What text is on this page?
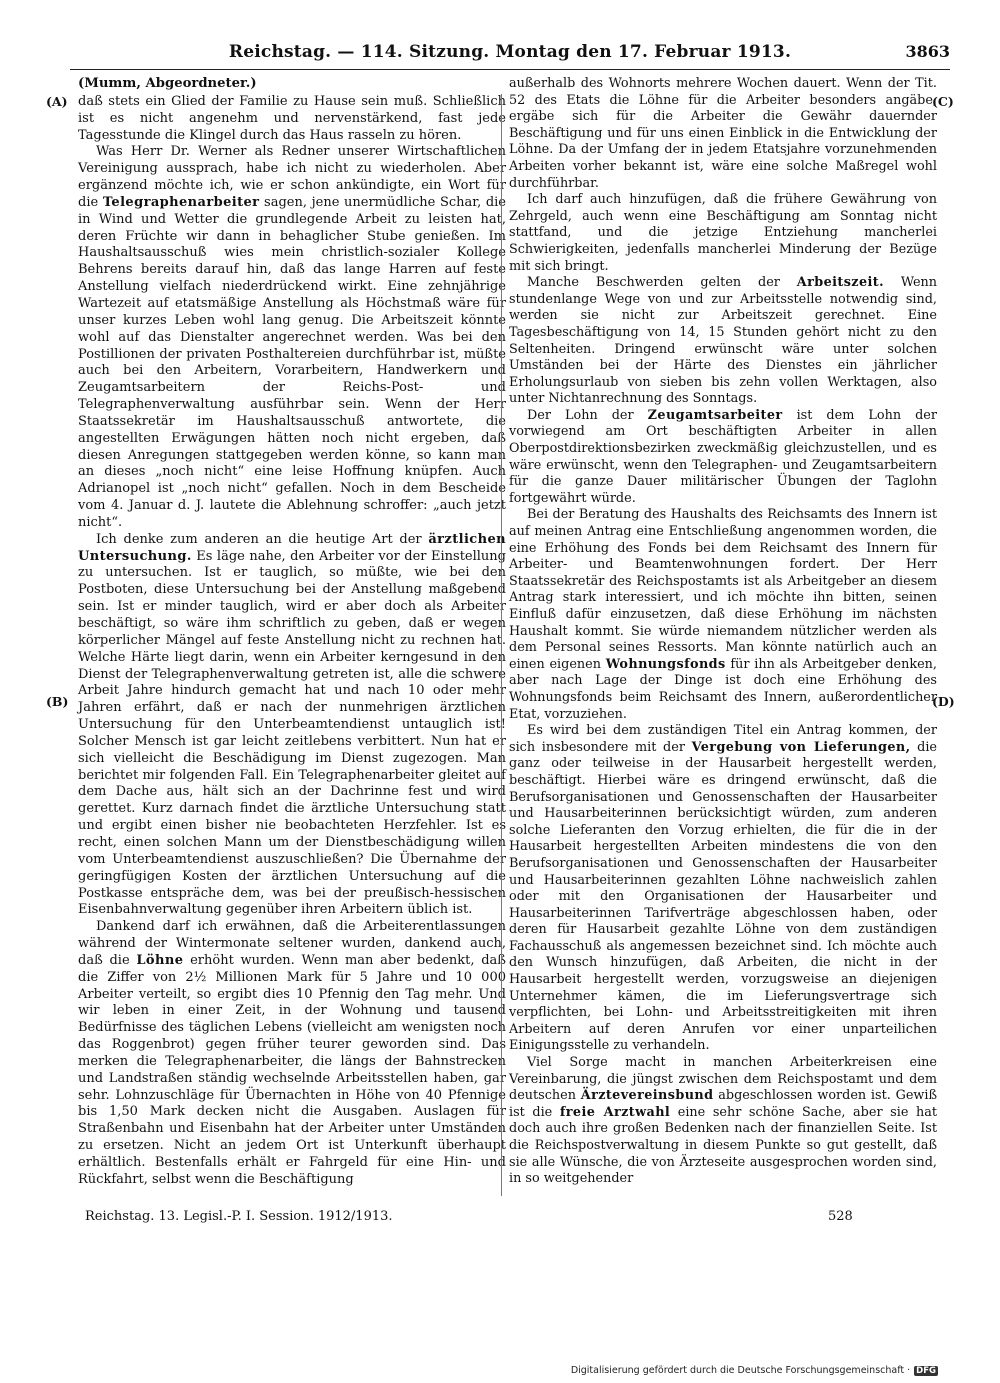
Reichstag. — 114. Sitzung. Montag den 17. Februar 1913.	3863
(A)
(B)
(C)
(D)
(Mumm, Abgeordneter.)

daß stets ein Glied der Familie zu Hause sein muß. Schließlich ist es nicht angenehm und nervenstärkend, fast jede Tagesstunde die Klingel durch das Haus rasseln zu hören.

Was Herr Dr. Werner als Redner unserer Wirtschaftlichen Vereinigung aussprach, habe ich nicht zu wiederholen. Aber ergänzend möchte ich, wie er schon ankündigte, ein Wort für die Telegraphenarbeiter sagen, jene unermüdliche Schar, die in Wind und Wetter die grundlegende Arbeit zu leisten hat, deren Früchte wir dann in behaglicher Stube genießen. Im Haushaltsausschuß wies mein christlich-sozialer Kollege Behrens bereits darauf hin, daß das lange Harren auf feste Anstellung vielfach niederdrückend wirkt. Eine zehnjährige Wartezeit auf etatsmäßige Anstellung als Höchstmaß wäre für unser kurzes Leben wohl lang genug. Die Arbeitszeit könnte wohl auf das Dienstalter angerechnet werden. Was bei den Postillionen der privaten Posthaltereien durchführbar ist, müßte auch bei den Arbeitern, Vorarbeitern, Handwerkern und Zeugamtsarbeitern der Reichs-Post- und Telegraphenverwaltung ausführbar sein. Wenn der Herr Staatssekretär im Haushaltsausschuß antwortete, die angestellten Erwägungen hätten noch nicht ergeben, daß diesen Anregungen stattgegeben werden könne, so kann man an dieses „noch nicht“ eine leise Hoffnung knüpfen. Auch Adrianopel ist „noch nicht“ gefallen. Noch in dem Bescheide vom 4. Januar d. J. lautete die Ablehnung schroffer: „auch jetzt nicht“.

Ich denke zum anderen an die heutige Art der ärztlichen Untersuchung. Es läge nahe, den Arbeiter vor der Einstellung zu untersuchen. Ist er tauglich, so müßte, wie bei den Postboten, diese Untersuchung bei der Anstellung maßgebend sein. Ist er minder tauglich, wird er aber doch als Arbeiter beschäftigt, so wäre ihm schriftlich zu geben, daß er wegen körperlicher Mängel auf feste Anstellung nicht zu rechnen hat. Welche Härte liegt darin, wenn ein Arbeiter kerngesund in den Dienst der Telegraphenverwaltung getreten ist, alle die schwere Arbeit Jahre hindurch gemacht hat und nach 10 oder mehr Jahren erfährt, daß er nach der nunmehrigen ärztlichen Untersuchung für den Unterbeamtendienst untauglich ist! Solcher Mensch ist gar leicht zeitlebens verbittert. Nun hat er sich vielleicht die Beschädigung im Dienst zugezogen. Man berichtet mir folgenden Fall. Ein Telegraphenarbeiter gleitet auf dem Dache aus, hält sich an der Dachrinne fest und wird gerettet. Kurz darnach findet die ärztliche Untersuchung statt und ergibt einen bisher nie beobachteten Herzfehler. Ist es recht, einen solchen Mann um der Dienstbeschädigung willen vom Unterbeamtendienst auszuschließen? Die Übernahme der geringfügigen Kosten der ärztlichen Untersuchung auf die Postkasse entspräche dem, was bei der preußisch-hessischen Eisenbahnverwaltung gegenüber ihren Arbeitern üblich ist.

Dankend darf ich erwähnen, daß die Arbeiterentlassungen während der Wintermonate seltener wurden, dankend auch, daß die Löhne erhöht wurden. Wenn man aber bedenkt, daß die Ziffer von 2½ Millionen Mark für 5 Jahre und 10 000 Arbeiter verteilt, so ergibt dies 10 Pfennig den Tag mehr. Und wir leben in einer Zeit, in der Wohnung und tausend Bedürfnisse des täglichen Lebens (vielleicht am wenigsten noch das Roggenbrot) gegen früher teurer geworden sind. Das merken die Telegraphenarbeiter, die längs der Bahnstrecken und Landstraßen ständig wechselnde Arbeitsstellen haben, gar sehr. Lohnzuschläge für Übernachten in Höhe von 40 Pfennige bis 1,50 Mark decken nicht die Ausgaben. Auslagen für Straßenbahn und Eisenbahn hat der Arbeiter unter Umständen zu ersetzen. Nicht an jedem Ort ist Unterkunft überhaupt erhältlich. Bestenfalls erhält er Fahrgeld für eine Hin- und Rückfahrt, selbst wenn die Beschäftigung

außerhalb des Wohnorts mehrere Wochen dauert. Wenn der Tit. 52 des Etats die Löhne für die Arbeiter besonders angäbe, ergäbe sich für die Arbeiter die Gewähr dauernder Beschäftigung und für uns einen Einblick in die Entwicklung der Löhne. Da der Umfang der in jedem Etatsjahre vorzunehmenden Arbeiten vorher bekannt ist, wäre eine solche Maßregel wohl durchführbar.

Ich darf auch hinzufügen, daß die frühere Gewährung von Zehrgeld, auch wenn eine Beschäftigung am Sonntag nicht stattfand, und die jetzige Entziehung mancherlei Schwierigkeiten, jedenfalls mancherlei Minderung der Bezüge mit sich bringt.

Manche Beschwerden gelten der Arbeitszeit. Wenn stundenlange Wege von und zur Arbeitsstelle notwendig sind, werden sie nicht zur Arbeitszeit gerechnet. Eine Tagesbeschäftigung von 14, 15 Stunden gehört nicht zu den Seltenheiten. Dringend erwünscht wäre unter solchen Umständen bei der Härte des Dienstes ein jährlicher Erholungsurlaub von sieben bis zehn vollen Werktagen, also unter Nichtanrechnung des Sonntags.

Der Lohn der Zeugamtsarbeiter ist dem Lohn der vorwiegend am Ort beschäftigten Arbeiter in allen Oberpostdirektionsbezirken zweckmäßig gleichzustellen, und es wäre erwünscht, wenn den Telegraphen- und Zeugamtsarbeitern für die ganze Dauer militärischer Übungen der Taglohn fortgewährt würde.

Bei der Beratung des Haushalts des Reichsamts des Innern ist auf meinen Antrag eine Entschließung angenommen worden, die eine Erhöhung des Fonds bei dem Reichsamt des Innern für Arbeiter- und Beamtenwohnungen fordert. Der Herr Staatssekretär des Reichspostamts ist als Arbeitgeber an diesem Antrag stark interessiert, und ich möchte ihn bitten, seinen Einfluß dafür einzusetzen, daß diese Erhöhung im nächsten Haushalt kommt. Sie würde niemandem nützlicher werden als dem Personal seines Ressorts. Man könnte natürlich auch an einen eigenen Wohnungsfonds für ihn als Arbeitgeber denken, aber nach Lage der Dinge ist doch eine Erhöhung des Wohnungsfonds beim Reichsamt des Innern, außerordentlicher Etat, vorzuziehen.

Es wird bei dem zuständigen Titel ein Antrag kommen, der sich insbesondere mit der Vergebung von Lieferungen, die ganz oder teilweise in der Hausarbeit hergestellt werden, beschäftigt. Hierbei wäre es dringend erwünscht, daß die Berufsorganisationen und Genossenschaften der Hausarbeiter und Hausarbeiterinnen berücksichtigt würden, zum anderen solche Lieferanten den Vorzug erhielten, die für die in der Hausarbeit hergestellten Arbeiten mindestens die von den Berufsorganisationen und Genossenschaften der Hausarbeiter und Hausarbeiterinnen gezahlten Löhne nachweislich zahlen oder mit den Organisationen der Hausarbeiter und Hausarbeiterinnen Tarifverträge abgeschlossen haben, oder deren für Hausarbeit gezahlte Löhne von dem zuständigen Fachausschuß als angemessen bezeichnet sind. Ich möchte auch den Wunsch hinzufügen, daß Arbeiten, die nicht in der Hausarbeit hergestellt werden, vorzugsweise an diejenigen Unternehmer kämen, die im Lieferungsvertrage sich verpflichten, bei Lohn- und Arbeitsstreitigkeiten mit ihren Arbeitern auf deren Anrufen vor einer unparteilichen Einigungsstelle zu verhandeln.

Viel Sorge macht in manchen Arbeiterkreisen eine Vereinbarung, die jüngst zwischen dem Reichspostamt und dem deutschen Ärztevereinsbund abgeschlossen worden ist. Gewiß ist die freie Arztwahl eine sehr schöne Sache, aber sie hat doch auch ihre großen Bedenken nach der finanziellen Seite. Ist die Reichspostverwaltung in diesem Punkte so gut gestellt, daß sie alle Wünsche, die von Ärzteseite ausgesprochen worden sind, in so weitgehender

Reichstag. 13. Legisl.-P. I. Session. 1912/1913.	528
Digitalisierung gefördert durch die Deutsche Forschungsgemeinschaft · DFG
